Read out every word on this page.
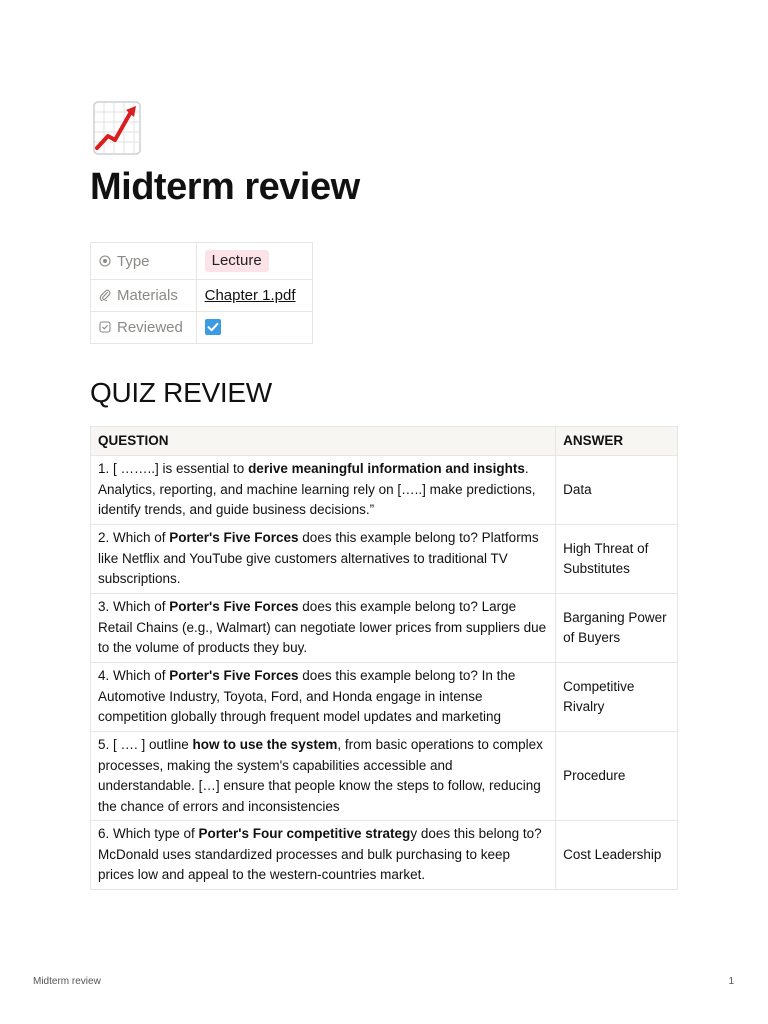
Midterm review
Type	Lecture
Materials	Chapter 1.pdf
Reviewed	
QUIZ REVIEW
QUESTION	ANSWER
1. [ ……..] is essential to derive meaningful information and insights. Analytics, reporting, and machine learning rely on […..] make predictions, identify trends, and guide business decisions.”	Data
2. Which of Porter's Five Forces does this example belong to? Platforms like Netflix and YouTube give customers alternatives to traditional TV subscriptions.	High Threat of Substitutes
3. Which of Porter's Five Forces does this example belong to? Large Retail Chains (e.g., Walmart) can negotiate lower prices from suppliers due to the volume of products they buy.	Barganing Power of Buyers
4. Which of Porter's Five Forces does this example belong to? In the Automotive Industry, Toyota, Ford, and Honda engage in intense competition globally through frequent model updates and marketing	Competitive Rivalry
5. [ …. ] outline how to use the system, from basic operations to complex processes, making the system's capabilities accessible and understandable. […] ensure that people know the steps to follow, reducing the chance of errors and inconsistencies	Procedure
6. Which type of Porter's Four competitive strategy does this belong to? McDonald uses standardized processes and bulk purchasing to keep prices low and appeal to the western-countries market.	Cost Leadership
Midterm review	1
